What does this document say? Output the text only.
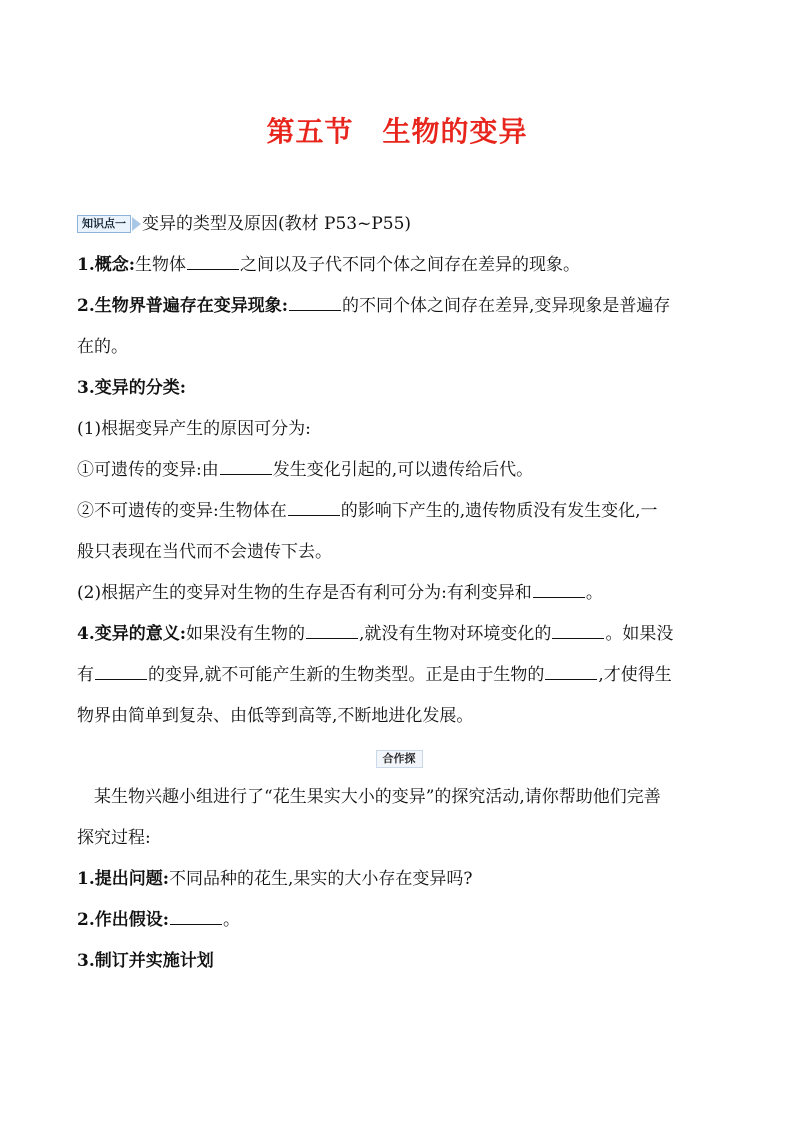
第五节　生物的变异
知识点一 变异的类型及原因(教材 P53~P55)
1.概念:生物体	之间以及子代不同个体之间存在差异的现象。
2.生物界普遍存在变异现象:	的不同个体之间存在差异,变异现象是普遍存
在的。
3.变异的分类:
(1)根据变异产生的原因可分为:
①可遗传的变异:由	发生变化引起的,可以遗传给后代。
②不可遗传的变异:生物体在	的影响下产生的,遗传物质没有发生变化,一
般只表现在当代而不会遗传下去。
(2)根据产生的变异对生物的生存是否有利可分为:有利变异和	。
4.变异的意义:如果没有生物的	,就没有生物对环境变化的	。如果没
有	的变异,就不可能产生新的生物类型。正是由于生物的	,才使得生
物界由简单到复杂、由低等到高等,不断地进化发展。
合作探
某生物兴趣小组进行了“花生果实大小的变异”的探究活动,请你帮助他们完善
探究过程:
1.提出问题:不同品种的花生,果实的大小存在变异吗?
2.作出假设:	。
3.制订并实施计划
